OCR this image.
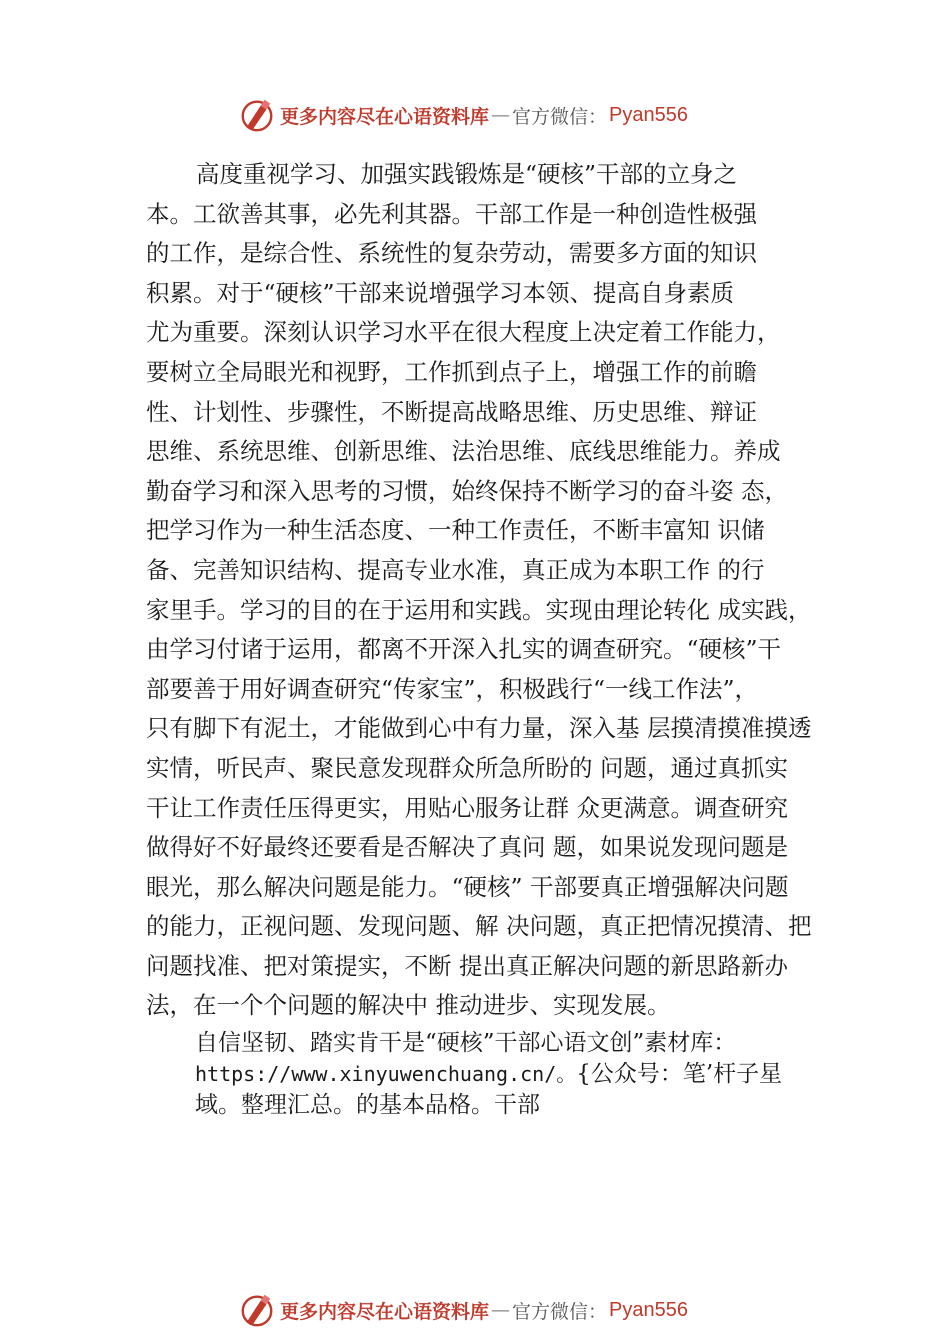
更多内容尽在心语资料库 — 官方微信： Pyan556
高度重视学习、加强实践锻炼是“硬核”干部的立身之
本。工欲善其事，必先利其器。干部工作是一种创造性极强
的工作，是综合性、系统性的复杂劳动，需要多方面的知识
积累。对于“硬核”干部来说增强学习本领、提高自身素质
尤为重要。深刻认识学习水平在很大程度上决定着工作能力，
要树立全局眼光和视野，工作抓到点子上，增强工作的前瞻
性、计划性、步骤性，不断提高战略思维、历史思维、辩证
思维、系统思维、创新思维、法治思维、底线思维能力。养成
勤奋学习和深入思考的习惯，始终保持不断学习的奋斗姿 态，
把学习作为一种生活态度、一种工作责任，不断丰富知 识储
备、完善知识结构、提高专业水准，真正成为本职工作 的行
家里手。学习的目的在于运用和实践。实现由理论转化 成实践，
由学习付诸于运用，都离不开深入扎实的调查研究。“硬核”干
部要善于用好调查研究“传家宝”，积极践行“一线工作法”，
只有脚下有泥土，才能做到心中有力量，深入基 层摸清摸准摸透
实情，听民声、聚民意发现群众所急所盼的 问题，通过真抓实
干让工作责任压得更实，用贴心服务让群 众更满意。调查研究
做得好不好最终还要看是否解决了真问 题，如果说发现问题是
眼光，那么解决问题是能力。“硬核” 干部要真正增强解决问题
的能力，正视问题、发现问题、解 决问题，真正把情况摸清、把
问题找准、把对策提实，不断 提出真正解决问题的新思路新办
法，在一个个问题的解决中 推动进步、实现发展。
自信坚韧、踏实肯干是“硬核”干部心语文创”素材库：
https://www.xinyuwenchuang.cn/。{公众号：笔’杆子星
域。整理汇总。的基本品格。干部
更多内容尽在心语资料库 — 官方微信： Pyan556
